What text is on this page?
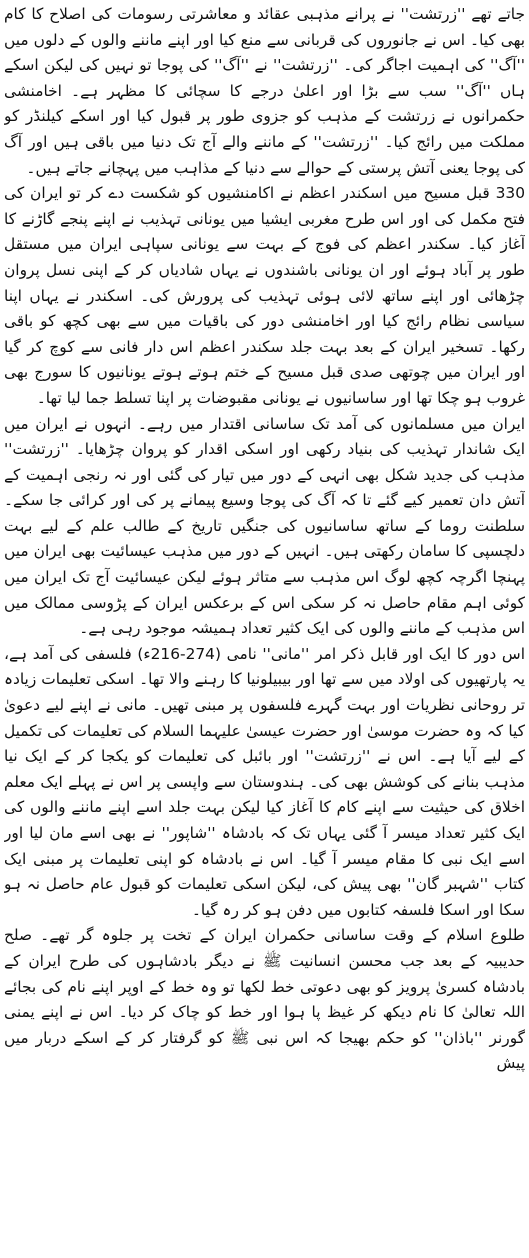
جاتے تھے ''زرتشت'' نے پرانے مذہبی عقائد و معاشرتی رسومات کی اصلاح کا کام بھی کیا۔ اس نے جانوروں کی قربانی سے منع کیا اور اپنے ماننے والوں کے دلوں میں ''آگ'' کی اہمیت اجاگر کی۔ ''زرتشت'' نے ''آگ'' کی پوجا تو نہیں کی لیکن اسکے ہاں ''آگ'' سب سے بڑا اور اعلیٰ درجے کا سچائی کا مظہر ہے۔ اخامنشی حکمرانوں نے زرتشت کے مذہب کو جزوی طور پر قبول کیا اور اسکے کیلنڈر کو مملکت میں رائج کیا۔ ''زرتشت'' کے ماننے والے آج تک دنیا میں باقی ہیں اور آگ کی پوجا یعنی آتش پرستی کے حوالے سے دنیا کے مذاہب میں پہچانے جاتے ہیں۔

330 قبل مسیح میں اسکندر اعظم نے اکامنشیوں کو شکست دے کر تو ایران کی فتح مکمل کی اور اس طرح مغربی ایشیا میں یونانی تہذیب نے اپنے پنجے گاڑنے کا آغاز کیا۔ سکندر اعظم کی فوج کے بہت سے یونانی سپاہی ایران میں مستقل طور پر آباد ہوئے اور ان یونانی باشندوں نے یہاں شادیاں کر کے اپنی نسل پروان چڑھائی اور اپنے ساتھ لائی ہوئی تہذیب کی پرورش کی۔ اسکندر نے یہاں اپنا سیاسی نظام رائج کیا اور اخامنشی دور کی باقیات میں سے بھی کچھ کو باقی رکھا۔ تسخیر ایران کے بعد بہت جلد سکندر اعظم اس دار فانی سے کوچ کر گیا اور ایران میں چوتھی صدی قبل مسیح کے ختم ہوتے ہوتے یونانیوں کا سورج بھی غروب ہو چکا تھا اور ساسانیوں نے یونانی مقبوضات پر اپنا تسلط جما لیا تھا۔

ایران میں مسلمانوں کی آمد تک ساسانی اقتدار میں رہے۔ انہوں نے ایران میں ایک شاندار تہذیب کی بنیاد رکھی اور اسکی اقدار کو پروان چڑھایا۔ ''زرتشت'' مذہب کی جدید شکل بھی انہی کے دور میں تیار کی گئی اور نہ رنجی اہمیت کے آتش دان تعمیر کیے گئے تا کہ آگ کی پوجا وسیع پیمانے پر کی اور کرائی جا سکے۔ سلطنت روما کے ساتھ ساسانیوں کی جنگیں تاریخ کے طالب علم کے لیے بہت دلچسپی کا سامان رکھتی ہیں۔ انہیں کے دور میں مذہب عیسائیت بھی ایران میں پہنچا اگرچہ کچھ لوگ اس مذہب سے متاثر ہوئے لیکن عیسائیت آج تک ایران میں کوئی اہم مقام حاصل نہ کر سکی اس کے برعکس ایران کے پڑوسی ممالک میں اس مذہب کے ماننے والوں کی ایک کثیر تعداد ہمیشہ موجود رہی ہے۔

اس دور کا ایک اور قابل ذکر امر ''مانی'' نامی (274-216ء) فلسفی کی آمد ہے، یہ پارتھیوں کی اولاد میں سے تھا اور بیبیلونیا کا رہنے والا تھا۔ اسکی تعلیمات زیادہ تر روحانی نظریات اور بہت گہرے فلسفوں پر مبنی تھیں۔ مانی نے اپنے لیے دعویٰ کیا کہ وہ حضرت موسیٰ اور حضرت عیسیٰ علیہما السلام کی تعلیمات کی تکمیل کے لیے آیا ہے۔ اس نے ''زرتشت'' اور بائبل کی تعلیمات کو یکجا کر کے ایک نیا مذہب بنانے کی کوشش بھی کی۔ ہندوستان سے واپسی پر اس نے پہلے ایک معلم اخلاق کی حیثیت سے اپنے کام کا آغاز کیا لیکن بہت جلد اسے اپنے ماننے والوں کی ایک کثیر تعداد میسر آ گئی یہاں تک کہ بادشاہ ''شاپور'' نے بھی اسے مان لیا اور اسے ایک نبی کا مقام میسر آ گیا۔ اس نے بادشاہ کو اپنی تعلیمات پر مبنی ایک کتاب ''شہبر گان'' بھی پیش کی، لیکن اسکی تعلیمات کو قبول عام حاصل نہ ہو سکا اور اسکا فلسفہ کتابوں میں دفن ہو کر رہ گیا۔

طلوع اسلام کے وقت ساسانی حکمران ایران کے تخت پر جلوہ گر تھے۔ صلح حدیبیہ کے بعد جب محسن انسانیت ﷺ نے دیگر بادشاہوں کی طرح ایران کے بادشاہ کسریٰ پرویز کو بھی دعوتی خط لکھا تو وہ خط کے اوپر اپنے نام کی بجائے اللہ تعالیٰ کا نام دیکھ کر غیظ پا ہوا اور خط کو چاک کر دیا۔ اس نے اپنے یمنی گورنر ''باذان'' کو حکم بھیجا کہ اس نبی ﷺ کو گرفتار کر کے اسکے دربار میں پیش
